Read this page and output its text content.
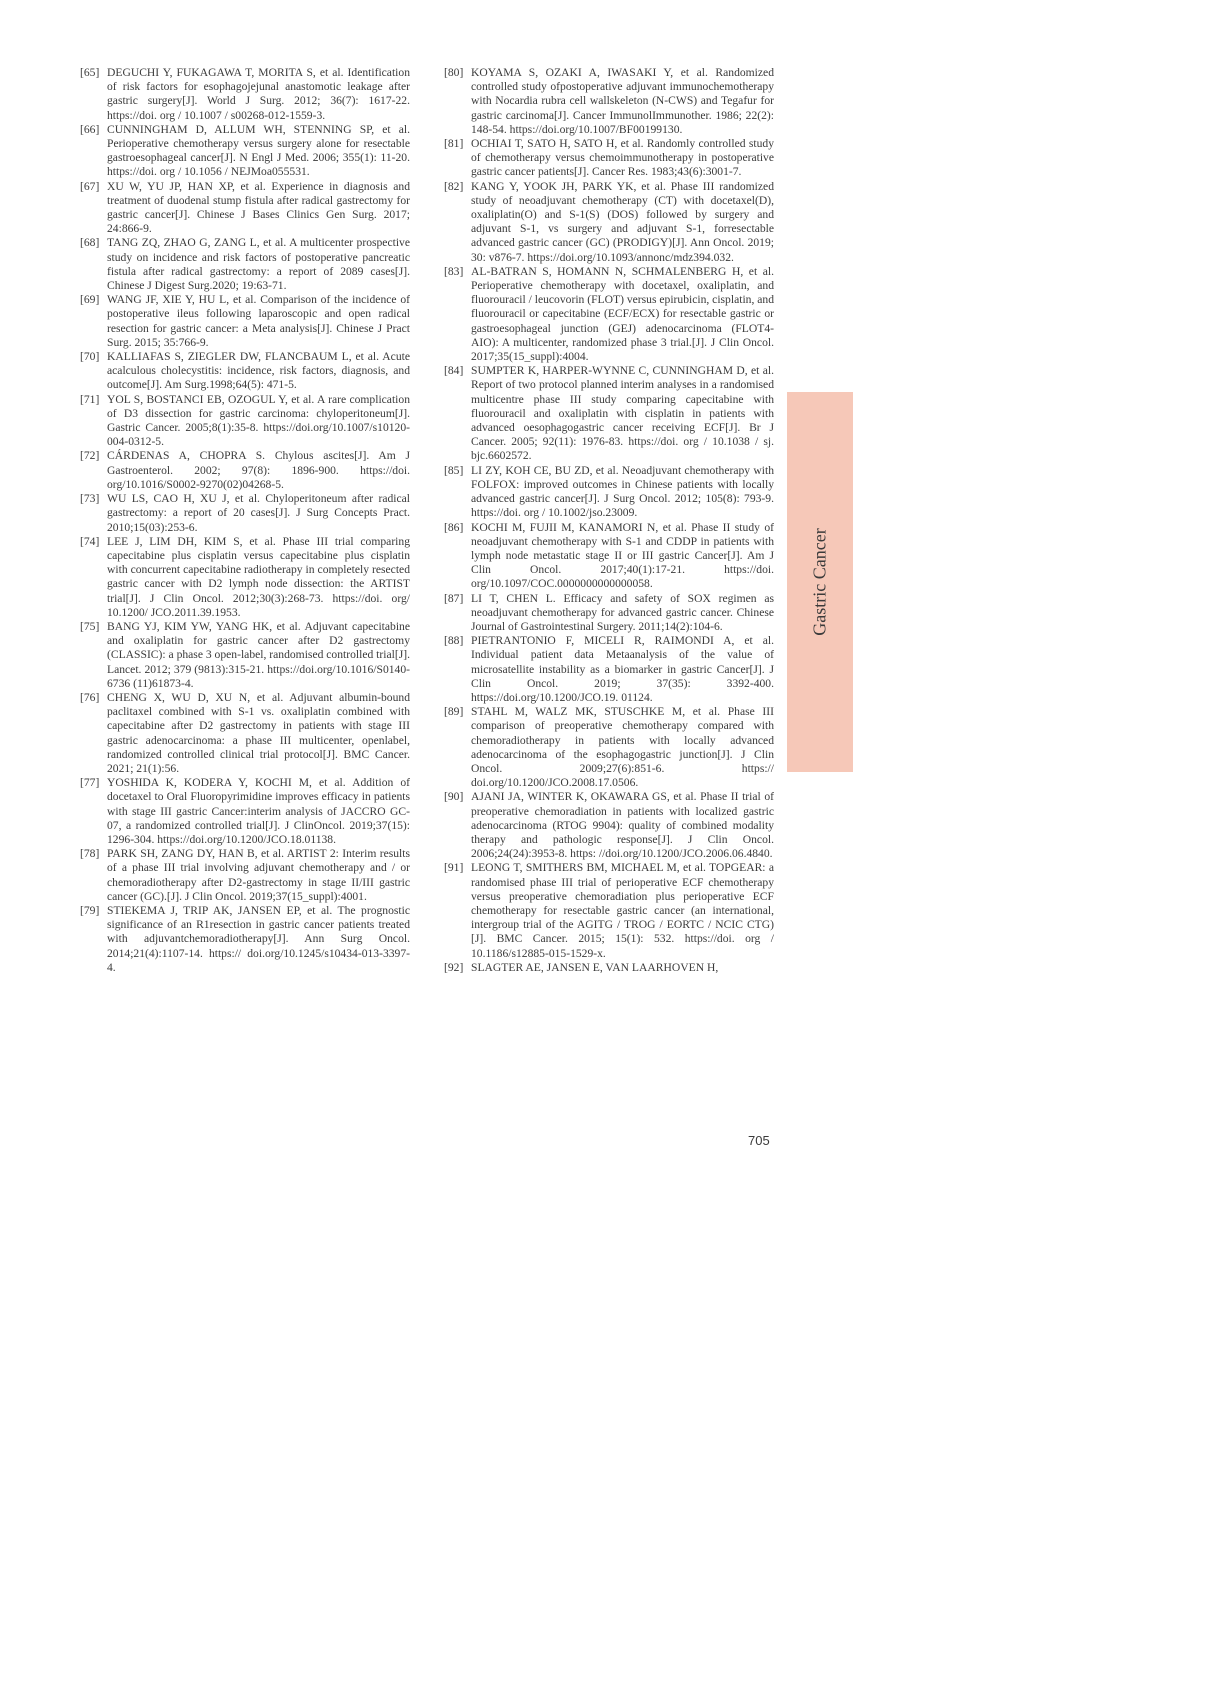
[65] DEGUCHI Y, FUKAGAWA T, MORITA S, et al. Identification of risk factors for esophagojejunal anastomotic leakage after gastric surgery[J]. World J Surg. 2012; 36(7): 1617-22. https://doi. org / 10.1007 / s00268-012-1559-3.

[66] CUNNINGHAM D, ALLUM WH, STENNING SP, et al. Perioperative chemotherapy versus surgery alone for resectable gastroesophageal cancer[J]. N Engl J Med. 2006; 355(1): 11-20. https://doi. org / 10.1056 / NEJMoa055531.

[67] XU W, YU JP, HAN XP, et al. Experience in diagnosis and treatment of duodenal stump fistula after radical gastrectomy for gastric cancer[J]. Chinese J Bases Clinics Gen Surg. 2017; 24:866-9.

[68] TANG ZQ, ZHAO G, ZANG L, et al. A multicenter prospective study on incidence and risk factors of postoperative pancreatic fistula after radical gastrectomy: a report of 2089 cases[J]. Chinese J Digest Surg.2020; 19:63-71.

[69] WANG JF, XIE Y, HU L, et al. Comparison of the incidence of postoperative ileus following laparoscopic and open radical resection for gastric cancer: a Meta analysis[J]. Chinese J Pract Surg. 2015; 35:766-9.

[70] KALLIAFAS S, ZIEGLER DW, FLANCBAUM L, et al. Acute acalculous cholecystitis: incidence, risk factors, diagnosis, and outcome[J]. Am Surg.1998;64(5): 471-5.

[71] YOL S, BOSTANCI EB, OZOGUL Y, et al. A rare complication of D3 dissection for gastric carcinoma: chyloperitoneum[J]. Gastric Cancer. 2005;8(1):35-8. https://doi.org/10.1007/s10120-004-0312-5.

[72] CÁRDENAS A, CHOPRA S. Chylous ascites[J]. Am J Gastroenterol. 2002; 97(8): 1896-900. https://doi. org/10.1016/S0002-9270(02)04268-5.

[73] WU LS, CAO H, XU J, et al. Chyloperitoneum after radical gastrectomy: a report of 20 cases[J]. J Surg Concepts Pract. 2010;15(03):253-6.

[74] LEE J, LIM DH, KIM S, et al. Phase III trial comparing capecitabine plus cisplatin versus capecitabine plus cisplatin with concurrent capecitabine radiotherapy in completely resected gastric cancer with D2 lymph node dissection: the ARTIST trial[J]. J Clin Oncol. 2012;30(3):268-73. https://doi. org/ 10.1200/ JCO.2011.39.1953.

[75] BANG YJ, KIM YW, YANG HK, et al. Adjuvant capecitabine and oxaliplatin for gastric cancer after D2 gastrectomy (CLASSIC): a phase 3 open-label, randomised controlled trial[J]. Lancet. 2012; 379 (9813):315-21. https://doi.org/10.1016/S0140-6736 (11)61873-4.

[76] CHENG X, WU D, XU N, et al. Adjuvant albumin-bound paclitaxel combined with S-1 vs. oxaliplatin combined with capecitabine after D2 gastrectomy in patients with stage III gastric adenocarcinoma: a phase III multicenter, openlabel, randomized controlled clinical trial protocol[J]. BMC Cancer. 2021; 21(1):56.

[77] YOSHIDA K, KODERA Y, KOCHI M, et al. Addition of docetaxel to Oral Fluoropyrimidine improves efficacy in patients with stage III gastric Cancer:interim analysis of JACCRO GC-07, a randomized controlled trial[J]. J ClinOncol. 2019;37(15): 1296-304. https://doi.org/10.1200/JCO.18.01138.

[78] PARK SH, ZANG DY, HAN B, et al. ARTIST 2: Interim results of a phase III trial involving adjuvant chemotherapy and / or chemoradiotherapy after D2-gastrectomy in stage II/III gastric cancer (GC).[J]. J Clin Oncol. 2019;37(15_suppl):4001.

[79] STIEKEMA J, TRIP AK, JANSEN EP, et al. The prognostic significance of an R1resection in gastric cancer patients treated with adjuvantchemoradiotherapy[J]. Ann Surg Oncol. 2014;21(4):1107-14. https:// doi.org/10.1245/s10434-013-3397-4.

[80] KOYAMA S, OZAKI A, IWASAKI Y, et al. Randomized controlled study ofpostoperative adjuvant immunochemotherapy with Nocardia rubra cell wallskeleton (N-CWS) and Tegafur for gastric carcinoma[J]. Cancer ImmunolImmunother. 1986; 22(2): 148-54. https://doi.org/10.1007/BF00199130.

[81] OCHIAI T, SATO H, SATO H, et al. Randomly controlled study of chemotherapy versus chemoimmunotherapy in postoperative gastric cancer patients[J]. Cancer Res. 1983;43(6):3001-7.

[82] KANG Y, YOOK JH, PARK YK, et al. Phase III randomized study of neoadjuvant chemotherapy (CT) with docetaxel(D), oxaliplatin(O) and S-1(S) (DOS) followed by surgery and adjuvant S-1, vs surgery and adjuvant S-1, forresectable advanced gastric cancer (GC) (PRODIGY)[J]. Ann Oncol. 2019; 30: v876-7. https://doi.org/10.1093/annonc/mdz394.032.

[83] AL-BATRAN S, HOMANN N, SCHMALENBERG H, et al. Perioperative chemotherapy with docetaxel, oxaliplatin, and fluorouracil / leucovorin (FLOT) versus epirubicin, cisplatin, and fluorouracil or capecitabine (ECF/ECX) for resectable gastric or gastroesophageal junction (GEJ) adenocarcinoma (FLOT4-AIO): A multicenter, randomized phase 3 trial.[J]. J Clin Oncol. 2017;35(15_suppl):4004.

[84] SUMPTER K, HARPER-WYNNE C, CUNNINGHAM D, et al. Report of two protocol planned interim analyses in a randomised multicentre phase III study comparing capecitabine with fluorouracil and oxaliplatin with cisplatin in patients with advanced oesophagogastric cancer receiving ECF[J]. Br J Cancer. 2005; 92(11): 1976-83. https://doi. org / 10.1038 / sj. bjc.6602572.

[85] LI ZY, KOH CE, BU ZD, et al. Neoadjuvant chemotherapy with FOLFOX: improved outcomes in Chinese patients with locally advanced gastric cancer[J]. J Surg Oncol. 2012; 105(8): 793-9. https://doi. org / 10.1002/jso.23009.

[86] KOCHI M, FUJII M, KANAMORI N, et al. Phase II study of neoadjuvant chemotherapy with S-1 and CDDP in patients with lymph node metastatic stage II or III gastric Cancer[J]. Am J Clin Oncol. 2017;40(1):17-21. https://doi. org/10.1097/COC.0000000000000058.

[87] LI T, CHEN L. Efficacy and safety of SOX regimen as neoadjuvant chemotherapy for advanced gastric cancer. Chinese Journal of Gastrointestinal Surgery. 2011;14(2):104-6.

[88] PIETRANTONIO F, MICELI R, RAIMONDI A, et al. Individual patient data Metaanalysis of the value of microsatellite instability as a biomarker in gastric Cancer[J]. J Clin Oncol. 2019; 37(35): 3392-400. https://doi.org/10.1200/JCO.19. 01124.

[89] STAHL M, WALZ MK, STUSCHKE M, et al. Phase III comparison of preoperative chemotherapy compared with chemoradiotherapy in patients with locally advanced adenocarcinoma of the esophagogastric junction[J]. J Clin Oncol. 2009;27(6):851-6. https:// doi.org/10.1200/JCO.2008.17.0506.

[90] AJANI JA, WINTER K, OKAWARA GS, et al. Phase II trial of preoperative chemoradiation in patients with localized gastric adenocarcinoma (RTOG 9904): quality of combined modality therapy and pathologic response[J]. J Clin Oncol. 2006;24(24):3953-8. https: //doi.org/10.1200/JCO.2006.06.4840.

[91] LEONG T, SMITHERS BM, MICHAEL M, et al. TOPGEAR: a randomised phase III trial of perioperative ECF chemotherapy versus preoperative chemoradiation plus perioperative ECF chemotherapy for resectable gastric cancer (an international, intergroup trial of the AGITG / TROG / EORTC / NCIC CTG)[J]. BMC Cancer. 2015; 15(1): 532. https://doi. org / 10.1186/s12885-015-1529-x.

[92] SLAGTER AE, JANSEN E, VAN LAARHOVEN H,

Gastric Cancer
705
